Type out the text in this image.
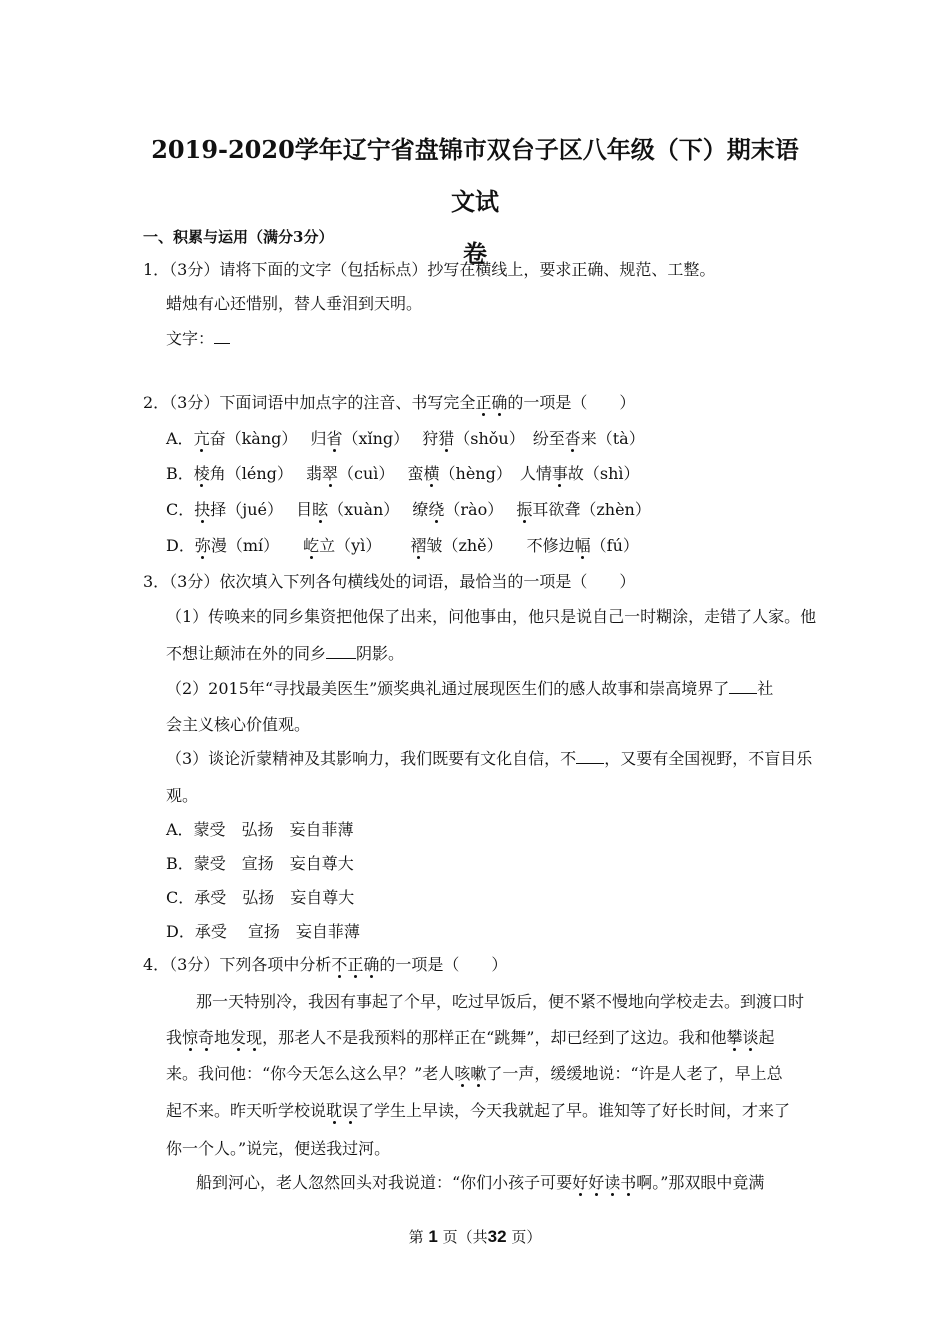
2019-2020学年辽宁省盘锦市双台子区八年级（下）期末语文试
卷
一、积累与运用（满分3分）
1．（3分）请将下面的文字（包括标点）抄写在横线上，要求正确、规范、工整。
蜡烛有心还惜别，替人垂泪到天明。
文字：
2．（3分）下面词语中加点字的注音、书写完全正确的一项是（　　）
A．亢奋（kàng）　 归省（xǐng）　 狩猎（shǒu）　纷至沓来（tà）
B．棱角（léng）　 翡翠（cuì）　 蛮横（hèng）　人情事故（shì）
C．抉择（jué）　 目眩（xuàn）　 缭绕（rào）　 振耳欲聋（zhèn）
D．弥漫（mí）　　屹立（yì）　　 褶皱（zhě）　　不修边幅（fú）
3．（3分）依次填入下列各句横线处的词语，最恰当的一项是（　　）
（1）传唤来的同乡集资把他保了出来，问他事由，他只是说自己一时糊涂，走错了人家。他
不想让颠沛在外的同乡 阴影。
（2）2015年“寻找最美医生”颁奖典礼通过展现医生们的感人故事和崇高境界了 社
会主义核心价值观。
（3）谈论沂蒙精神及其影响力，我们既要有文化自信，不 ，又要有全国视野，不盲目乐
观。
A．蒙受　弘扬　妄自菲薄
B．蒙受　宣扬　妄自尊大
C．承受　弘扬　妄自尊大
D．承受　 宣扬　妄自菲薄
4．（3分）下列各项中分析不正确的一项是（　　）
那一天特别冷，我因有事起了个早，吃过早饭后，便不紧不慢地向学校走去。到渡口时
我惊奇地发现，那老人不是我预料的那样正在“跳舞”，却已经到了这边。我和他攀谈起
来。我问他：“你今天怎么这么早？”老人咳嗽了一声，缓缓地说：“许是人老了，早上总
起不来。昨天听学校说耽误了学生上早读，今天我就起了早。谁知等了好长时间，才来了
你一个人。”说完，便送我过河。
船到河心，老人忽然回头对我说道：“你们小孩子可要好好读书啊。”那双眼中竟满
第 1 页（共32 页）
